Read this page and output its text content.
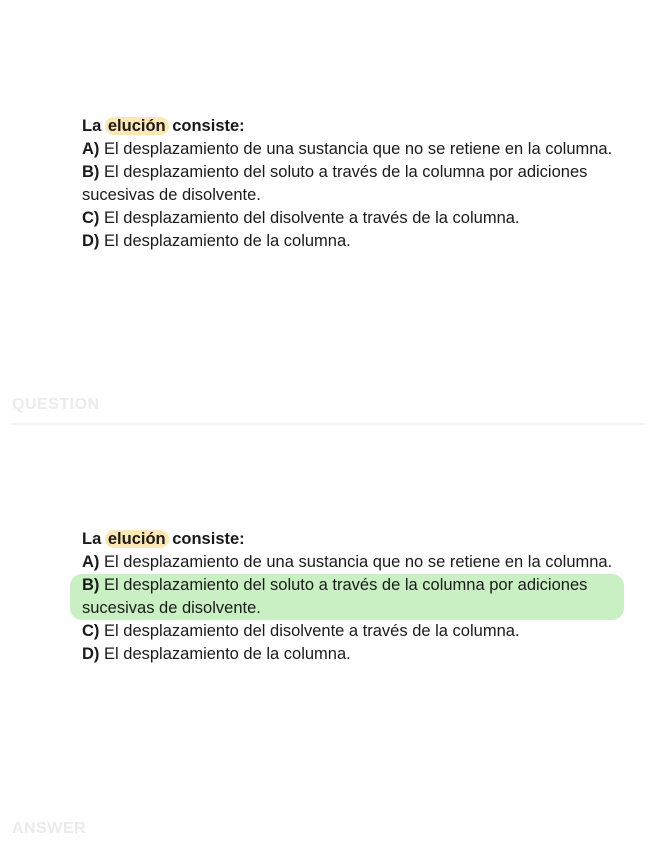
La elución consiste:
A) El desplazamiento de una sustancia que no se retiene en la columna.
B) El desplazamiento del soluto a través de la columna por adiciones sucesivas de disolvente.
C) El desplazamiento del disolvente a través de la columna.
D) El desplazamiento de la columna.
QUESTION
La elución consiste:
A) El desplazamiento de una sustancia que no se retiene en la columna.
B) El desplazamiento del soluto a través de la columna por adiciones sucesivas de disolvente.
C) El desplazamiento del disolvente a través de la columna.
D) El desplazamiento de la columna.
ANSWER
